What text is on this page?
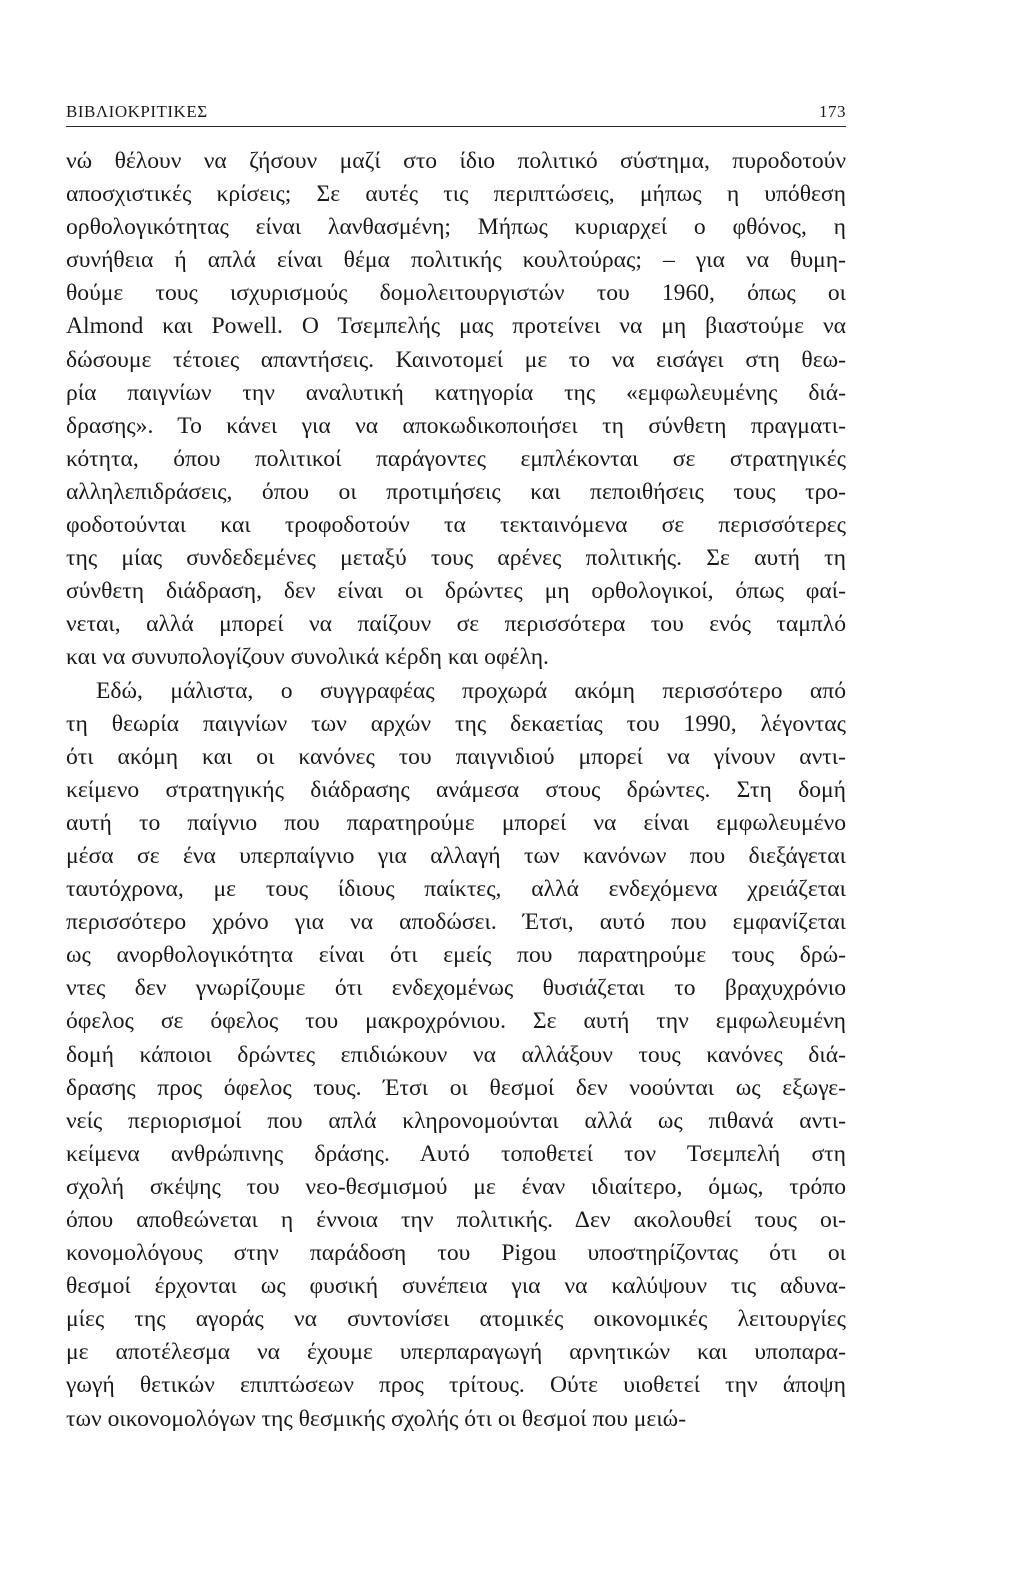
ΒΙΒΛΙΟΚΡΙΤΙΚΕΣ	173
νώ θέλουν να ζήσουν μαζί στο ίδιο πολιτικό σύστημα, πυροδοτούν
αποσχιστικές κρίσεις; Σε αυτές τις περιπτώσεις, μήπως η υπόθεση
ορθολογικότητας είναι λανθασμένη; Μήπως κυριαρχεί ο φθόνος, η
συνήθεια ή απλά είναι θέμα πολιτικής κουλτούρας; – για να θυμη-
θούμε τους ισχυρισμούς δομολειτουργιστών του 1960, όπως οι
Almond και Powell. Ο Τσεμπελής μας προτείνει να μη βιαστούμε να
δώσουμε τέτοιες απαντήσεις. Καινοτομεί με το να εισάγει στη θεω-
ρία παιγνίων την αναλυτική κατηγορία της «εμφωλευμένης διά-
δρασης». Το κάνει για να αποκωδικοποιήσει τη σύνθετη πραγματι-
κότητα, όπου πολιτικοί παράγοντες εμπλέκονται σε στρατηγικές
αλληλεπιδράσεις, όπου οι προτιμήσεις και πεποιθήσεις τους τρο-
φοδοτούνται και τροφοδοτούν τα τεκταινόμενα σε περισσότερες
της μίας συνδεδεμένες μεταξύ τους αρένες πολιτικής. Σε αυτή τη
σύνθετη διάδραση, δεν είναι οι δρώντες μη ορθολογικοί, όπως φαί-
νεται, αλλά μπορεί να παίζουν σε περισσότερα του ενός ταμπλό
και να συνυπολογίζουν συνολικά κέρδη και οφέλη.
Εδώ, μάλιστα, ο συγγραφέας προχωρά ακόμη περισσότερο από
τη θεωρία παιγνίων των αρχών της δεκαετίας του 1990, λέγοντας
ότι ακόμη και οι κανόνες του παιγνιδιού μπορεί να γίνουν αντι-
κείμενο στρατηγικής διάδρασης ανάμεσα στους δρώντες. Στη δομή
αυτή το παίγνιο που παρατηρούμε μπορεί να είναι εμφωλευμένο
μέσα σε ένα υπερπαίγνιο για αλλαγή των κανόνων που διεξάγεται
ταυτόχρονα, με τους ίδιους παίκτες, αλλά ενδεχόμενα χρειάζεται
περισσότερο χρόνο για να αποδώσει. Έτσι, αυτό που εμφανίζεται
ως ανορθολογικότητα είναι ότι εμείς που παρατηρούμε τους δρώ-
ντες δεν γνωρίζουμε ότι ενδεχομένως θυσιάζεται το βραχυχρόνιο
όφελος σε όφελος του μακροχρόνιου. Σε αυτή την εμφωλευμένη
δομή κάποιοι δρώντες επιδιώκουν να αλλάξουν τους κανόνες διά-
δρασης προς όφελος τους. Έτσι οι θεσμοί δεν νοούνται ως εξωγε-
νείς περιορισμοί που απλά κληρονομούνται αλλά ως πιθανά αντι-
κείμενα ανθρώπινης δράσης. Αυτό τοποθετεί τον Τσεμπελή στη
σχολή σκέψης του νεο-θεσμισμού με έναν ιδιαίτερο, όμως, τρόπο
όπου αποθεώνεται η έννοια την πολιτικής. Δεν ακολουθεί τους οι-
κονομολόγους στην παράδοση του Pigou υποστηρίζοντας ότι οι
θεσμοί έρχονται ως φυσική συνέπεια για να καλύψουν τις αδυνα-
μίες της αγοράς να συντονίσει ατομικές οικονομικές λειτουργίες
με αποτέλεσμα να έχουμε υπερπαραγωγή αρνητικών και υποπαρα-
γωγή θετικών επιπτώσεων προς τρίτους. Ούτε υιοθετεί την άποψη
των οικονομολόγων της θεσμικής σχολής ότι οι θεσμοί που μειώ-
